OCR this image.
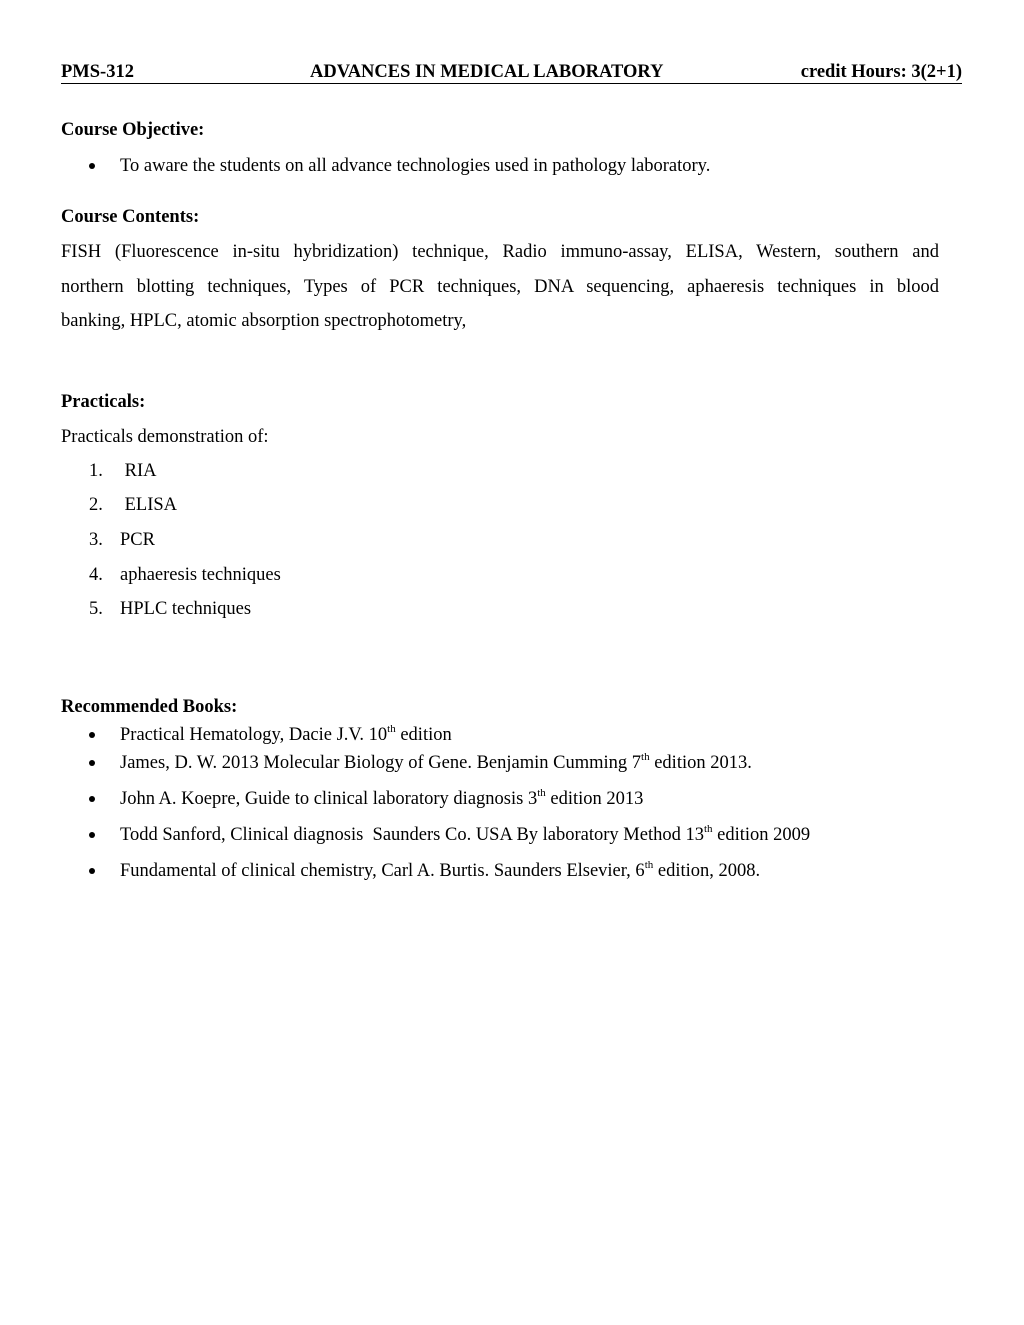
PMS-312	ADVANCES IN MEDICAL LABORATORY	credit Hours: 3(2+1)
Course Objective:
To aware the students on all advance technologies used in pathology laboratory.
Course Contents:
FISH (Fluorescence in-situ hybridization) technique, Radio immuno-assay, ELISA, Western, southern and
northern blotting techniques, Types of PCR techniques, DNA sequencing, aphaeresis techniques in blood
banking, HPLC, atomic absorption spectrophotometry,
Practicals:
Practicals demonstration of:
1. RIA
2. ELISA
3. PCR
4. aphaeresis techniques
5. HPLC techniques
Recommended Books:
Practical Hematology, Dacie J.V. 10th edition
James, D. W. 2013 Molecular Biology of Gene. Benjamin Cumming 7th edition 2013.
John A. Koepre, Guide to clinical laboratory diagnosis 3th edition 2013
Todd Sanford, Clinical diagnosis  Saunders Co. USA By laboratory Method 13th edition 2009
Fundamental of clinical chemistry, Carl A. Burtis. Saunders Elsevier, 6th edition, 2008.
